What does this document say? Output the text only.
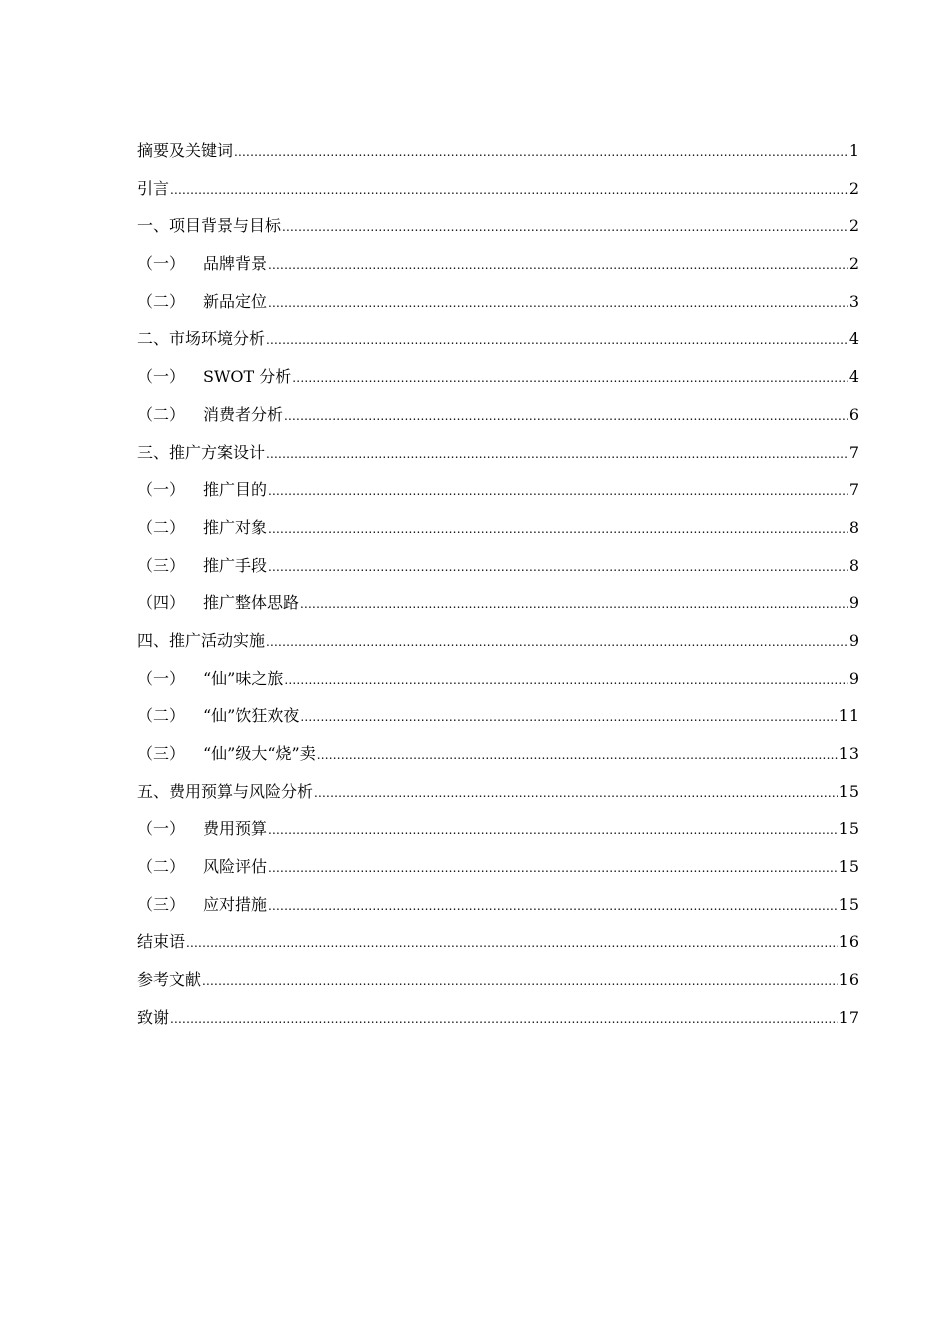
摘要及关键词 .....	1
引言 .....	2
一、项目背景与目标 .....	2
（一）	品牌背景 .....	2
（二）	新品定位 .....	3
二、市场环境分析 .....	4
（一）	SWOT 分析 .....	4
（二）	消费者分析 .....	6
三、推广方案设计 .....	7
（一）	推广目的 .....	7
（二）	推广对象 .....	8
（三）	推广手段 .....	8
（四）	推广整体思路 .....	9
四、推广活动实施 .....	9
（一）	“仙”味之旅 .....	9
（二）	“仙”饮狂欢夜 .....	11
（三）	“仙”级大“烧”卖 .....	13
五、费用预算与风险分析 .....	15
（一）	费用预算 .....	15
（二）	风险评估 .....	15
（三）	应对措施 .....	15
结束语 .....	16
参考文献 .....	16
致谢 .....	17
